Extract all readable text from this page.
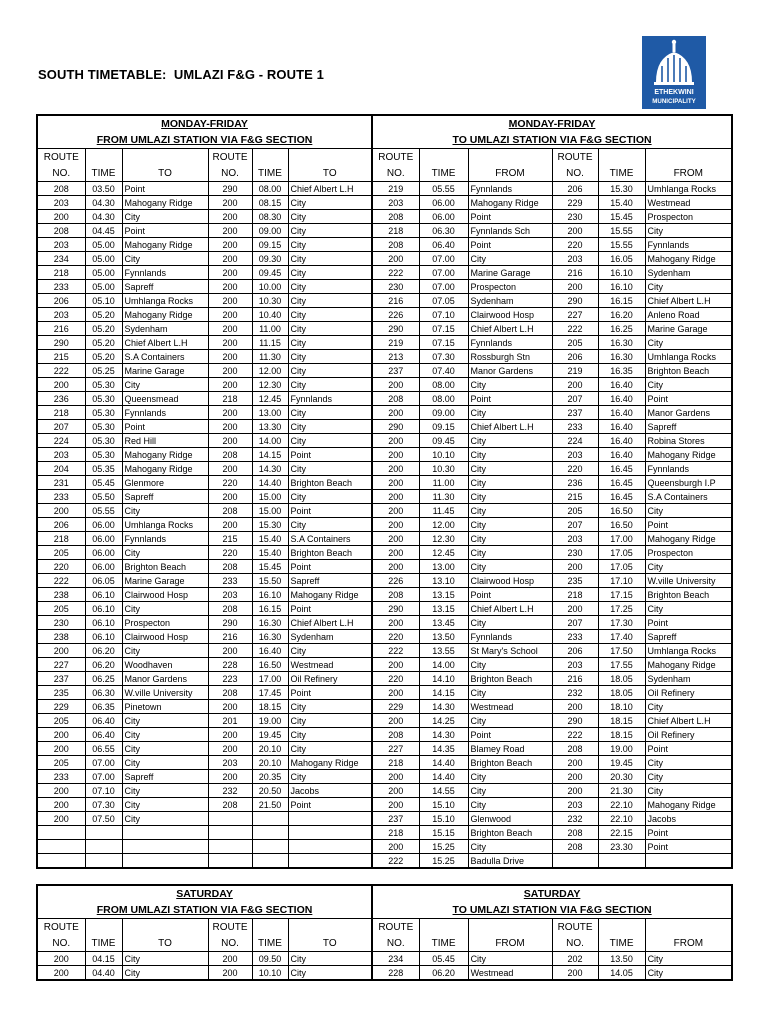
SOUTH TIMETABLE:  UMLAZI F&G - ROUTE 1
ETHEKWINI
MUNICIPALITY
MONDAY-FRIDAY						MONDAY-FRIDAY					
FROM UMLAZI STATION VIA F&G SECTION						TO UMLAZI STATION VIA F&G SECTION					
ROUTE			ROUTE			ROUTE			ROUTE		
NO.	TIME	TO	NO.	TIME	TO	NO.	TIME	FROM	NO.	TIME	FROM
208	03.50	Point	290	08.00	Chief Albert L.H	219	05.55	Fynnlands	206	15.30	Umhlanga Rocks
203	04.30	Mahogany Ridge	200	08.15	City	203	06.00	Mahogany Ridge	229	15.40	Westmead
200	04.30	City	200	08.30	City	208	06.00	Point	230	15.45	Prospecton
208	04.45	Point	200	09.00	City	218	06.30	Fynnlands Sch	200	15.55	City
203	05.00	Mahogany Ridge	200	09.15	City	208	06.40	Point	220	15.55	Fynnlands
234	05.00	City	200	09.30	City	200	07.00	City	203	16.05	Mahogany Ridge
218	05.00	Fynnlands	200	09.45	City	222	07.00	Marine Garage	216	16.10	Sydenham
233	05.00	Sapreff	200	10.00	City	230	07.00	Prospecton	200	16.10	City
206	05.10	Umhlanga Rocks	200	10.30	City	216	07.05	Sydenham	290	16.15	Chief Albert L.H
203	05.20	Mahogany Ridge	200	10.40	City	226	07.10	Clairwood Hosp	227	16.20	Anleno Road
216	05.20	Sydenham	200	11.00	City	290	07.15	Chief Albert L.H	222	16.25	Marine Garage
290	05.20	Chief Albert L.H	200	11.15	City	219	07.15	Fynnlands	205	16.30	City
215	05.20	S.A Containers	200	11.30	City	213	07.30	Rossburgh Stn	206	16.30	Umhlanga Rocks
222	05.25	Marine Garage	200	12.00	City	237	07.40	Manor Gardens	219	16.35	Brighton Beach
200	05.30	City	200	12.30	City	200	08.00	City	200	16.40	City
236	05.30	Queensmead	218	12.45	Fynnlands	208	08.00	Point	207	16.40	Point
218	05.30	Fynnlands	200	13.00	City	200	09.00	City	237	16.40	Manor Gardens
207	05.30	Point	200	13.30	City	290	09.15	Chief Albert L.H	233	16.40	Sapreff
224	05.30	Red Hill	200	14.00	City	200	09.45	City	224	16.40	Robina Stores
203	05.30	Mahogany Ridge	208	14.15	Point	200	10.10	City	203	16.40	Mahogany Ridge
204	05.35	Mahogany Ridge	200	14.30	City	200	10.30	City	220	16.45	Fynnlands
231	05.45	Glenmore	220	14.40	Brighton Beach	200	11.00	City	236	16.45	Queensburgh I.P
233	05.50	Sapreff	200	15.00	City	200	11.30	City	215	16.45	S.A Containers
200	05.55	City	208	15.00	Point	200	11.45	City	205	16.50	City
206	06.00	Umhlanga Rocks	200	15.30	City	200	12.00	City	207	16.50	Point
218	06.00	Fynnlands	215	15.40	S.A Containers	200	12.30	City	203	17.00	Mahogany Ridge
205	06.00	City	220	15.40	Brighton Beach	200	12.45	City	230	17.05	Prospecton
220	06.00	Brighton Beach	208	15.45	Point	200	13.00	City	200	17.05	City
222	06.05	Marine Garage	233	15.50	Sapreff	226	13.10	Clairwood Hosp	235	17.10	W.ville University
238	06.10	Clairwood Hosp	203	16.10	Mahogany Ridge	208	13.15	Point	218	17.15	Brighton Beach
205	06.10	City	208	16.15	Point	290	13.15	Chief Albert L.H	200	17.25	City
230	06.10	Prospecton	290	16.30	Chief Albert L.H	200	13.45	City	207	17.30	Point
238	06.10	Clairwood Hosp	216	16.30	Sydenham	220	13.50	Fynnlands	233	17.40	Sapreff
200	06.20	City	200	16.40	City	222	13.55	St Mary's School	206	17.50	Umhlanga Rocks
227	06.20	Woodhaven	228	16.50	Westmead	200	14.00	City	203	17.55	Mahogany Ridge
237	06.25	Manor Gardens	223	17.00	Oil Refinery	220	14.10	Brighton Beach	216	18.05	Sydenham
235	06.30	W.ville University	208	17.45	Point	200	14.15	City	232	18.05	Oil Refinery
229	06.35	Pinetown	200	18.15	City	229	14.30	Westmead	200	18.10	City
205	06.40	City	201	19.00	City	200	14.25	City	290	18.15	Chief Albert L.H
200	06.40	City	200	19.45	City	208	14.30	Point	222	18.15	Oil Refinery
200	06.55	City	200	20.10	City	227	14.35	Blamey Road	208	19.00	Point
205	07.00	City	203	20.10	Mahogany Ridge	218	14.40	Brighton Beach	200	19.45	City
233	07.00	Sapreff	200	20.35	City	200	14.40	City	200	20.30	City
200	07.10	City	232	20.50	Jacobs	200	14.55	City	200	21.30	City
200	07.30	City	208	21.50	Point	200	15.10	City	203	22.10	Mahogany Ridge
200	07.50	City				237	15.10	Glenwood	232	22.10	Jacobs
						218	15.15	Brighton Beach	208	22.15	Point
						200	15.25	City	208	23.30	Point
						222	15.25	Badulla Drive			
SATURDAY						SATURDAY					
FROM UMLAZI STATION VIA F&G SECTION						TO UMLAZI STATION VIA F&G SECTION					
ROUTE			ROUTE			ROUTE			ROUTE		
NO.	TIME	TO	NO.	TIME	TO	NO.	TIME	FROM	NO.	TIME	FROM
200	04.15	City	200	09.50	City	234	05.45	City	202	13.50	City
200	04.40	City	200	10.10	City	228	06.20	Westmead	200	14.05	City
